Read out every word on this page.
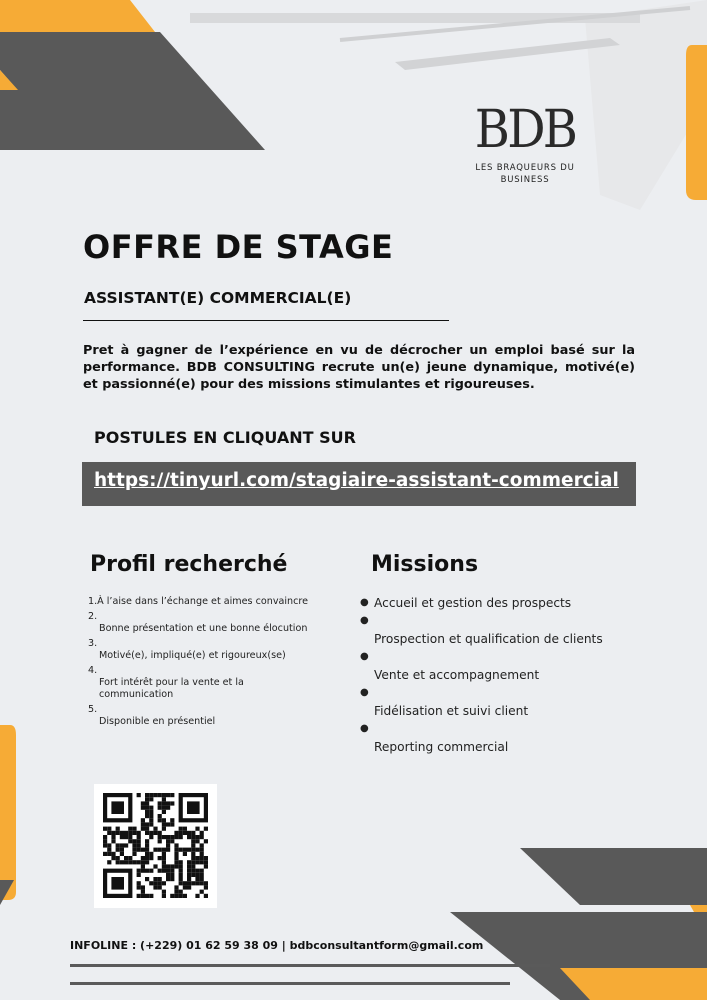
BDB
LES BRAQUEURS DU
BUSINESS
OFFRE DE STAGE
ASSISTANT(E) COMMERCIAL(E)
Pret à gagner de l’expérience en vu de décrocher un emploi basé sur la performance. BDB CONSULTING recrute un(e) jeune dynamique, motivé(e) et passionné(e) pour des missions stimulantes et rigoureuses.
POSTULES EN CLIQUANT SUR
https://tinyurl.com/stagiaire-assistant-commercial
Profil recherché
1.À l’aise dans l’échange et aimes convaincre
2.
Bonne présentation et une bonne élocution
3.
Motivé(e), impliqué(e) et rigoureux(se)
4.
Fort intérêt pour la vente et la communication
5.
Disponible en présentiel
Missions
● Accueil et gestion des prospects
●
Prospection et qualification de clients
●
Vente et accompagnement
●
Fidélisation et suivi client
●
Reporting commercial
INFOLINE : (+229) 01 62 59 38 09 | bdbconsultantform@gmail.com
